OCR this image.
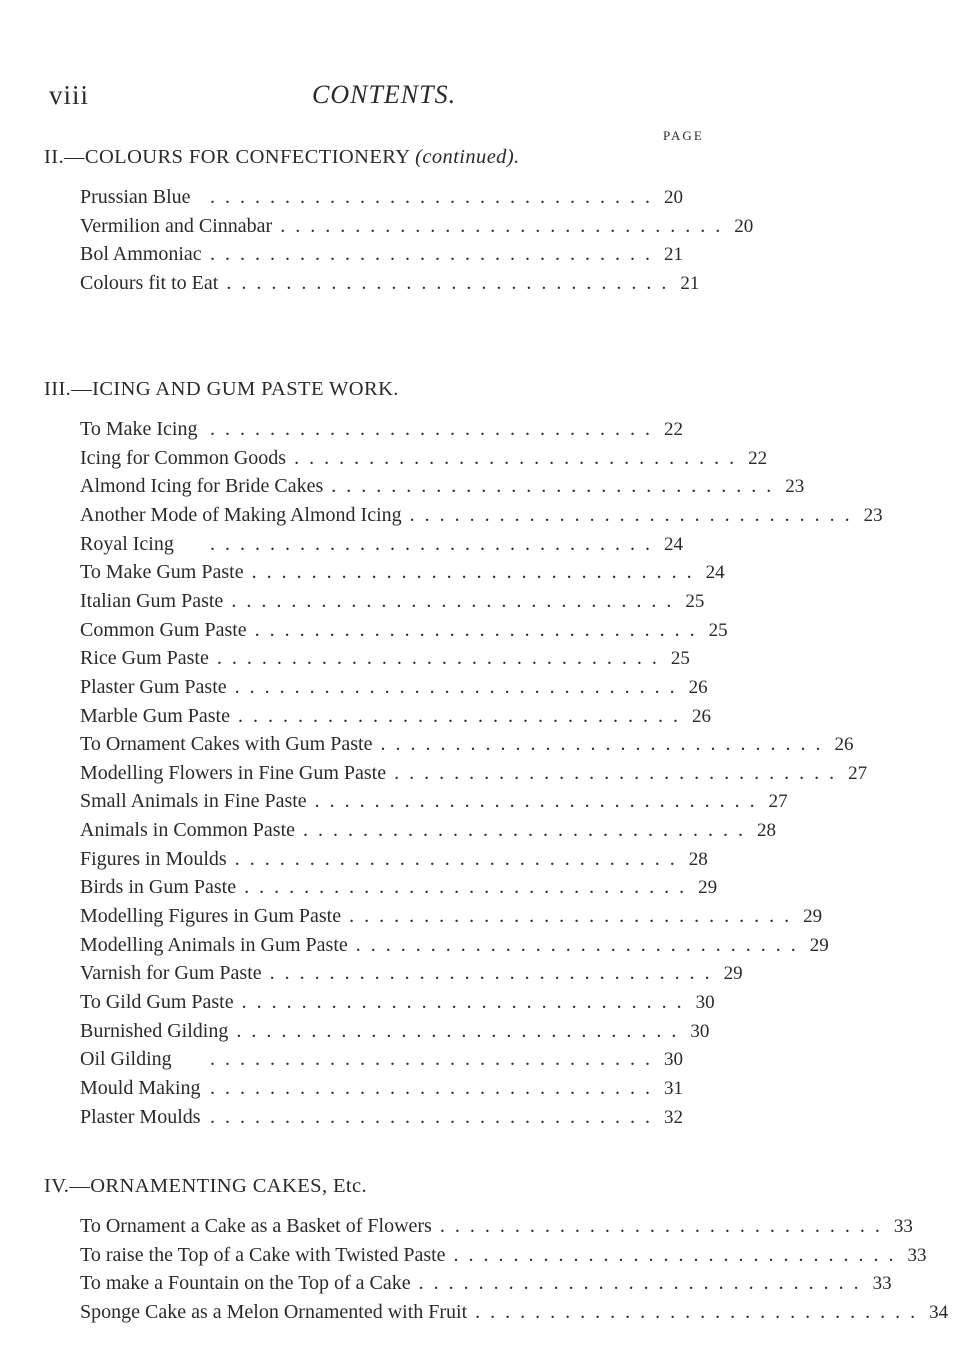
viii	CONTENTS.
PAGE
II.—COLOURS FOR CONFECTIONERY (continued).
Prussian Blue .............................. 20
Vermilion and Cinnabar .............................. 20
Bol Ammoniac .............................. 21
Colours fit to Eat .............................. 21
III.—ICING AND GUM PASTE WORK.
To Make Icing .............................. 22
Icing for Common Goods .............................. 22
Almond Icing for Bride Cakes .............................. 23
Another Mode of Making Almond Icing .............................. 23
Royal Icing	.............................. 24
To Make Gum Paste .............................. 24
Italian Gum Paste .............................. 25
Common Gum Paste .............................. 25
Rice Gum Paste .............................. 25
Plaster Gum Paste .............................. 26
Marble Gum Paste .............................. 26
To Ornament Cakes with Gum Paste .............................. 26
Modelling Flowers in Fine Gum Paste .............................. 27
Small Animals in Fine Paste .............................. 27
Animals in Common Paste .............................. 28
Figures in Moulds .............................. 28
Birds in Gum Paste .............................. 29
Modelling Figures in Gum Paste .............................. 29
Modelling Animals in Gum Paste .............................. 29
Varnish for Gum Paste .............................. 29
To Gild Gum Paste .............................. 30
Burnished Gilding .............................. 30
Oil Gilding	.............................. 30
Mould Making .............................. 31
Plaster Moulds .............................. 32
IV.—ORNAMENTING CAKES, Etc.
To Ornament a Cake as a Basket of Flowers .............................. 33
To raise the Top of a Cake with Twisted Paste .............................. 33
To make a Fountain on the Top of a Cake .............................. 33
Sponge Cake as a Melon Ornamented with Fruit .............................. 34
